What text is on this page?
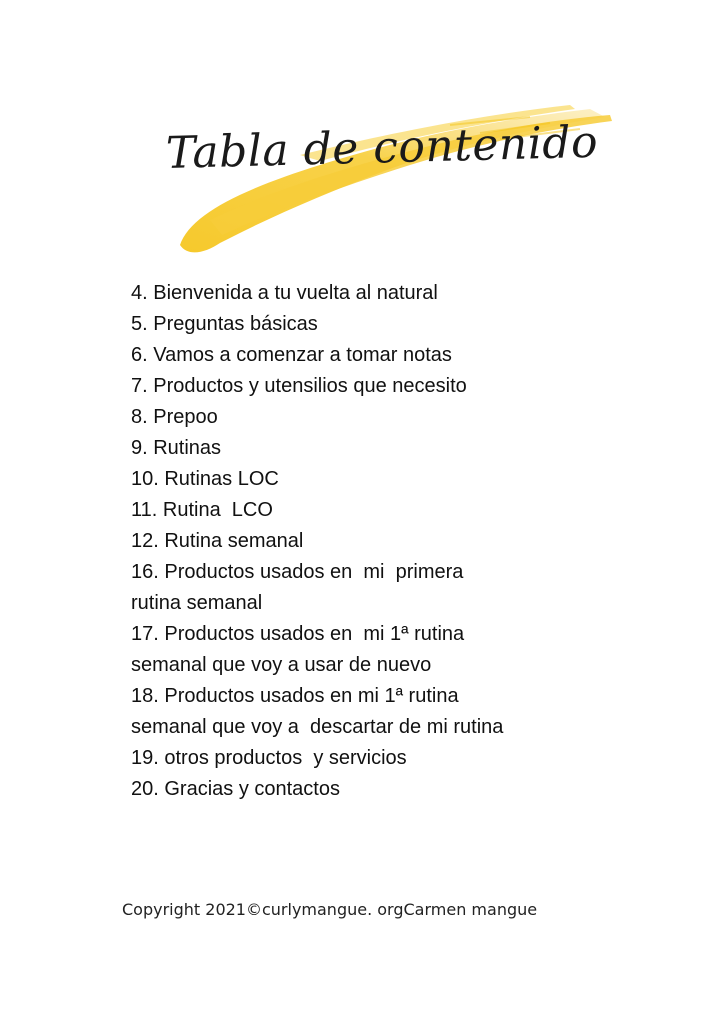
Tabla de contenido
4. Bienvenida a tu vuelta al natural
5. Preguntas básicas
6. Vamos a comenzar a tomar notas
7. Productos y utensilios que necesito
8. Prepoo
9. Rutinas
10. Rutinas LOC
11. Rutina  LCO
12. Rutina semanal
16. Productos usados en  mi  primera
rutina semanal
17. Productos usados en  mi 1ª rutina
semanal que voy a usar de nuevo
18. Productos usados en mi 1ª rutina
semanal que voy a  descartar de mi rutina
19. otros productos  y servicios
20. Gracias y contactos
Copyright 2021©curlymangue. orgCarmen mangue
